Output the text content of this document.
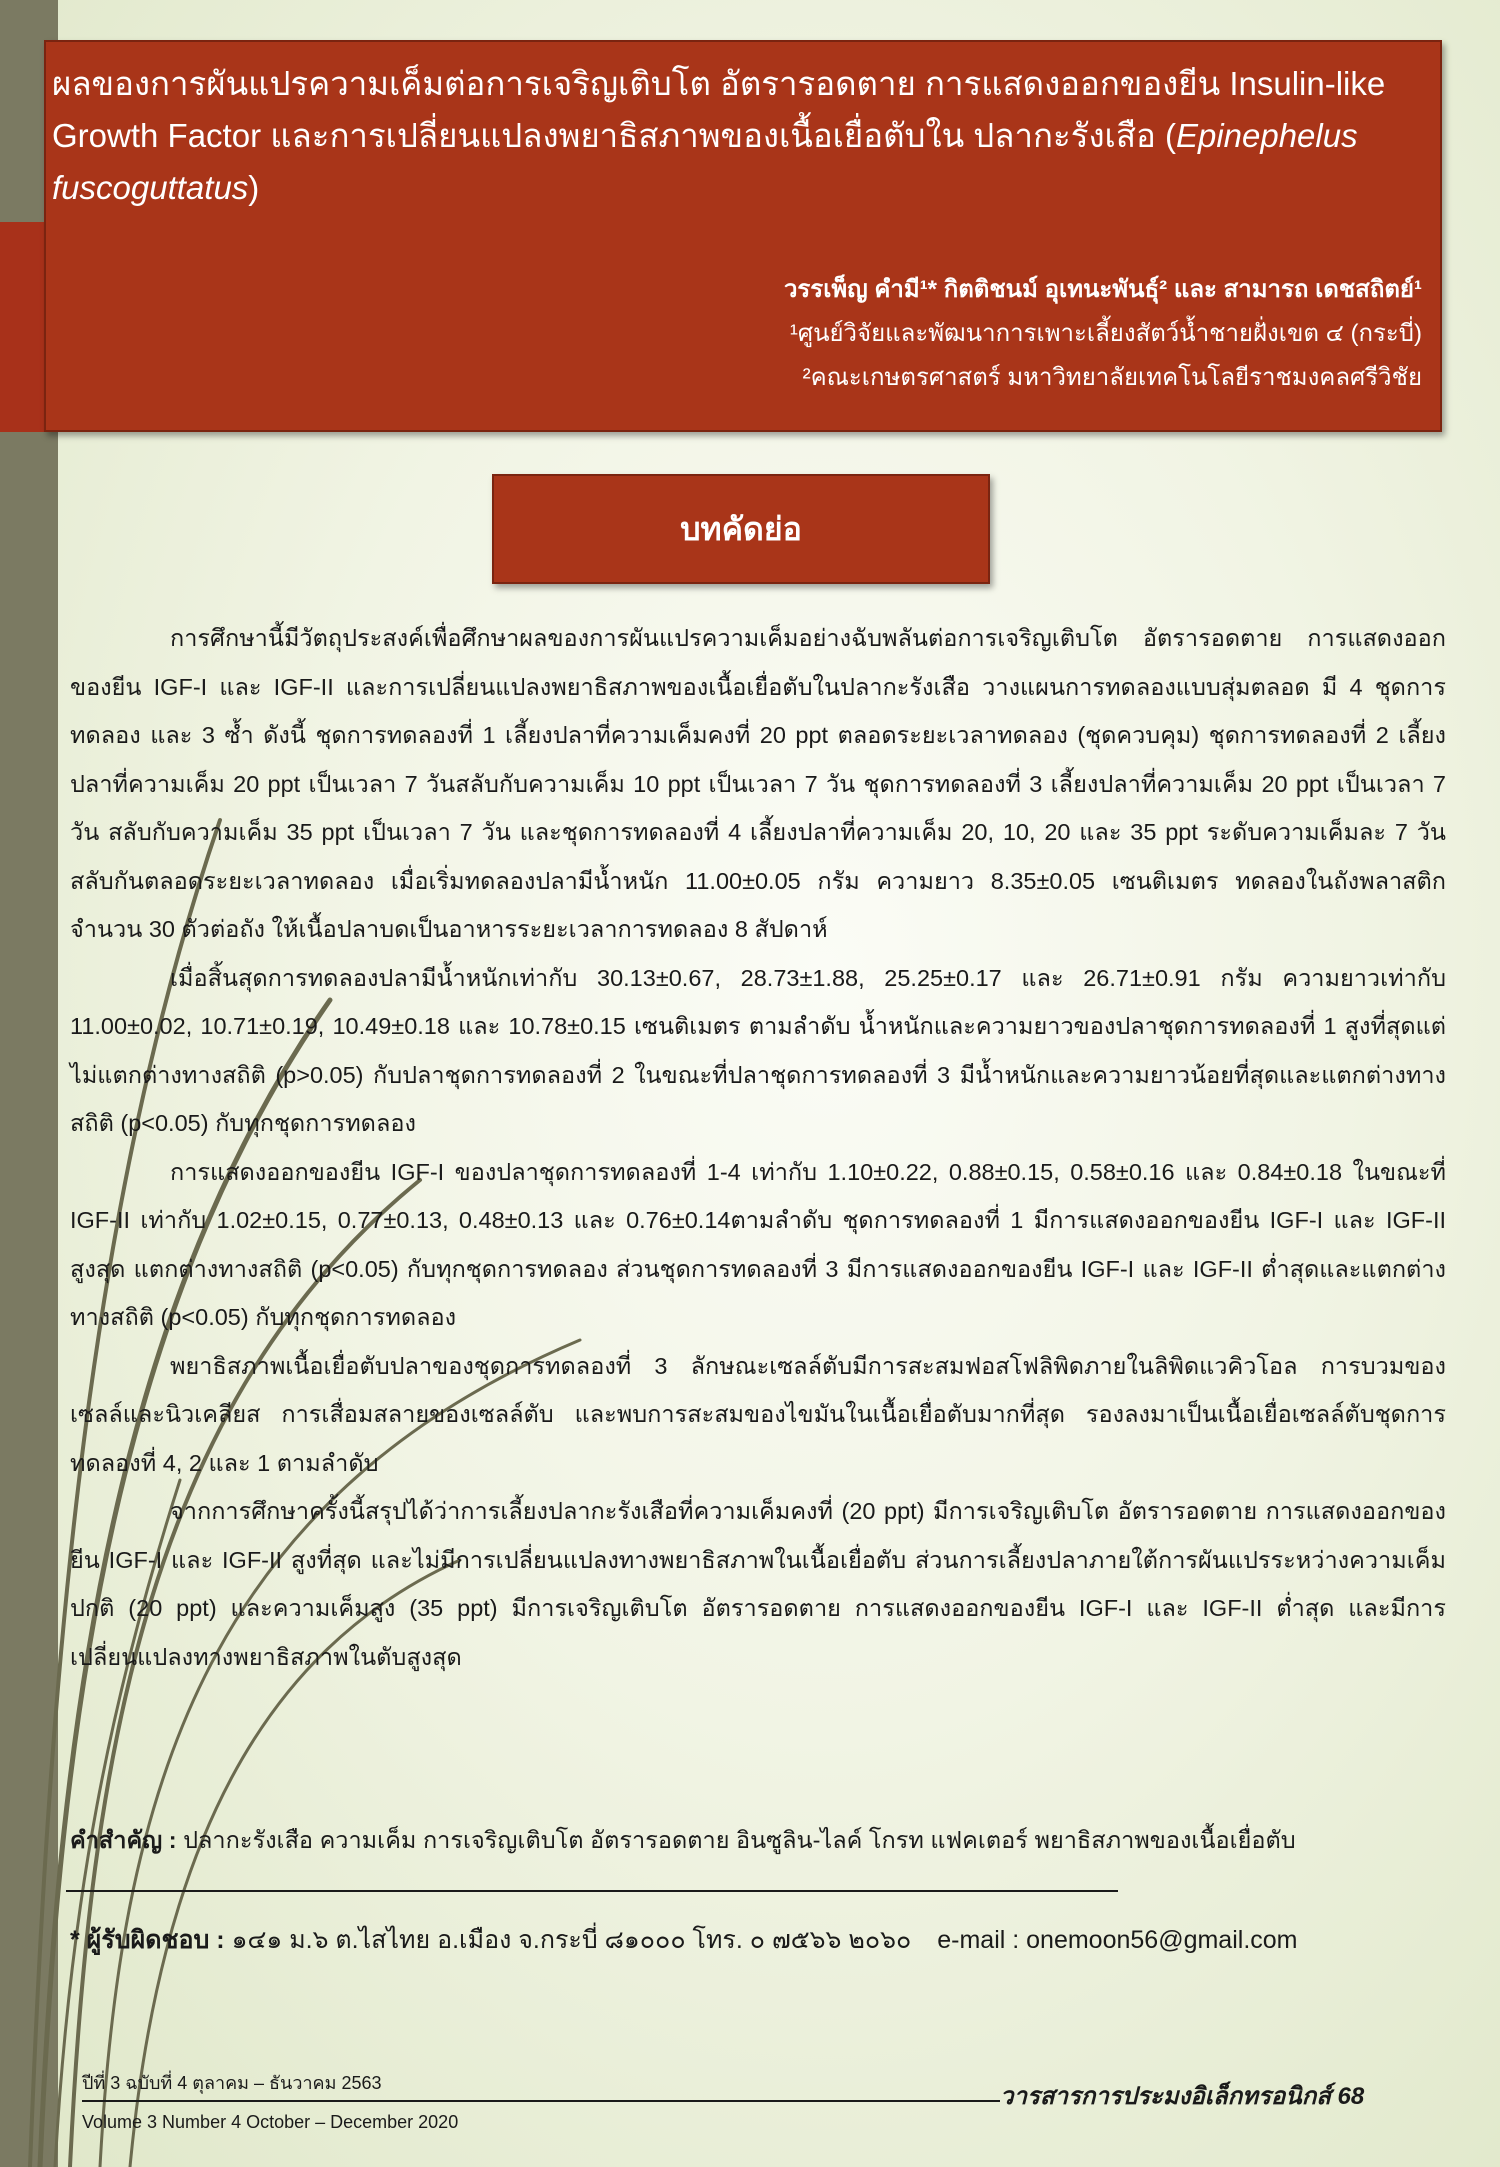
ผลของการผันแปรความเค็มต่อการเจริญเติบโต อัตรารอดตาย การแสดงออกของยีน Insulin-like Growth Factor และการเปลี่ยนแปลงพยาธิสภาพของเนื้อเยื่อตับใน ปลากะรังเสือ (Epinephelus fuscoguttatus)
วรรเพ็ญ คำมี¹* กิตติชนม์ อุเทนะพันธุ์² และ สามารถ เดชสถิตย์¹
¹ศูนย์วิจัยและพัฒนาการเพาะเลี้ยงสัตว์น้ำชายฝั่งเขต ๔ (กระบี่)
²คณะเกษตรศาสตร์ มหาวิทยาลัยเทคโนโลยีราชมงคลศรีวิชัย
บทคัดย่อ

การศึกษานี้มีวัตถุประสงค์เพื่อศึกษาผลของการผันแปรความเค็มอย่างฉับพลันต่อการเจริญเติบโต อัตรารอดตาย การแสดงออกของยีน IGF-I และ IGF-II และการเปลี่ยนแปลงพยาธิสภาพของเนื้อเยื่อตับในปลากะรังเสือ วางแผนการทดลองแบบสุ่มตลอด มี 4 ชุดการทดลอง และ 3 ซ้ำ ดังนี้ ชุดการทดลองที่ 1 เลี้ยงปลาที่ความเค็มคงที่ 20 ppt ตลอดระยะเวลาทดลอง (ชุดควบคุม) ชุดการทดลองที่ 2 เลี้ยงปลาที่ความเค็ม 20 ppt เป็นเวลา 7 วันสลับกับความเค็ม 10 ppt เป็นเวลา 7 วัน ชุดการทดลองที่ 3 เลี้ยงปลาที่ความเค็ม 20 ppt เป็นเวลา 7 วัน สลับกับความเค็ม 35 ppt เป็นเวลา 7 วัน และชุดการทดลองที่ 4 เลี้ยงปลาที่ความเค็ม 20, 10, 20 และ 35 ppt ระดับความเค็มละ 7 วันสลับกันตลอดระยะเวลาทดลอง เมื่อเริ่มทดลองปลามีน้ำหนัก 11.00±0.05 กรัม ความยาว 8.35±0.05 เซนติเมตร ทดลองในถังพลาสติก จำนวน 30 ตัวต่อถัง ให้เนื้อปลาบดเป็นอาหารระยะเวลาการทดลอง 8 สัปดาห์

เมื่อสิ้นสุดการทดลองปลามีน้ำหนักเท่ากับ 30.13±0.67, 28.73±1.88, 25.25±0.17 และ 26.71±0.91 กรัม ความยาวเท่ากับ 11.00±0.02, 10.71±0.19, 10.49±0.18 และ 10.78±0.15 เซนติเมตร ตามลำดับ น้ำหนักและความยาวของปลาชุดการทดลองที่ 1 สูงที่สุดแต่ไม่แตกต่างทางสถิติ (p>0.05) กับปลาชุดการทดลองที่ 2 ในขณะที่ปลาชุดการทดลองที่ 3 มีน้ำหนักและความยาวน้อยที่สุดและแตกต่างทางสถิติ (p<0.05) กับทุกชุดการทดลอง

การแสดงออกของยีน IGF-I ของปลาชุดการทดลองที่ 1-4 เท่ากับ 1.10±0.22, 0.88±0.15, 0.58±0.16 และ 0.84±0.18 ในขณะที่ IGF-II เท่ากับ 1.02±0.15, 0.77±0.13, 0.48±0.13 และ 0.76±0.14ตามลำดับ ชุดการทดลองที่ 1 มีการแสดงออกของยีน IGF-I และ IGF-II สูงสุด แตกต่างทางสถิติ (p<0.05) กับทุกชุดการทดลอง ส่วนชุดการทดลองที่ 3 มีการแสดงออกของยีน IGF-I และ IGF-II ต่ำสุดและแตกต่างทางสถิติ (p<0.05) กับทุกชุดการทดลอง

พยาธิสภาพเนื้อเยื่อตับปลาของชุดการทดลองที่ 3 ลักษณะเซลล์ตับมีการสะสมฟอสโฟลิพิดภายในลิพิดแวคิวโอล การบวมของเซลล์และนิวเคลียส การเสื่อมสลายของเซลล์ตับ และพบการสะสมของไขมันในเนื้อเยื่อตับมากที่สุด รองลงมาเป็นเนื้อเยื่อเซลล์ตับชุดการทดลองที่ 4, 2 และ 1 ตามลำดับ

จากการศึกษาครั้งนี้สรุปได้ว่าการเลี้ยงปลากะรังเสือที่ความเค็มคงที่ (20 ppt) มีการเจริญเติบโต อัตรารอดตาย การแสดงออกของยีน IGF-I และ IGF-II สูงที่สุด และไม่มีการเปลี่ยนแปลงทางพยาธิสภาพในเนื้อเยื่อตับ ส่วนการเลี้ยงปลาภายใต้การผันแปรระหว่างความเค็มปกติ (20 ppt) และความเค็มสูง (35 ppt) มีการเจริญเติบโต อัตรารอดตาย การแสดงออกของยีน IGF-I และ IGF-II ต่ำสุด และมีการเปลี่ยนแปลงทางพยาธิสภาพในตับสูงสุด

คำสำคัญ : ปลากะรังเสือ ความเค็ม การเจริญเติบโต อัตรารอดตาย อินซูลิน-ไลค์ โกรท แฟคเตอร์ พยาธิสภาพของเนื้อเยื่อตับ
* ผู้รับผิดชอบ : ๑๔๑ ม.๖ ต.ไสไทย อ.เมือง จ.กระบี่ ๘๑๐๐๐ โทร. ๐ ๗๕๖๖ ๒๐๖๐ e-mail : onemoon56@gmail.com
ปีที่ 3 ฉบับที่ 4 ตุลาคม – ธันวาคม 2563	วารสารการประมงอิเล็กทรอนิกส์ 68
Volume 3 Number 4 October – December 2020
